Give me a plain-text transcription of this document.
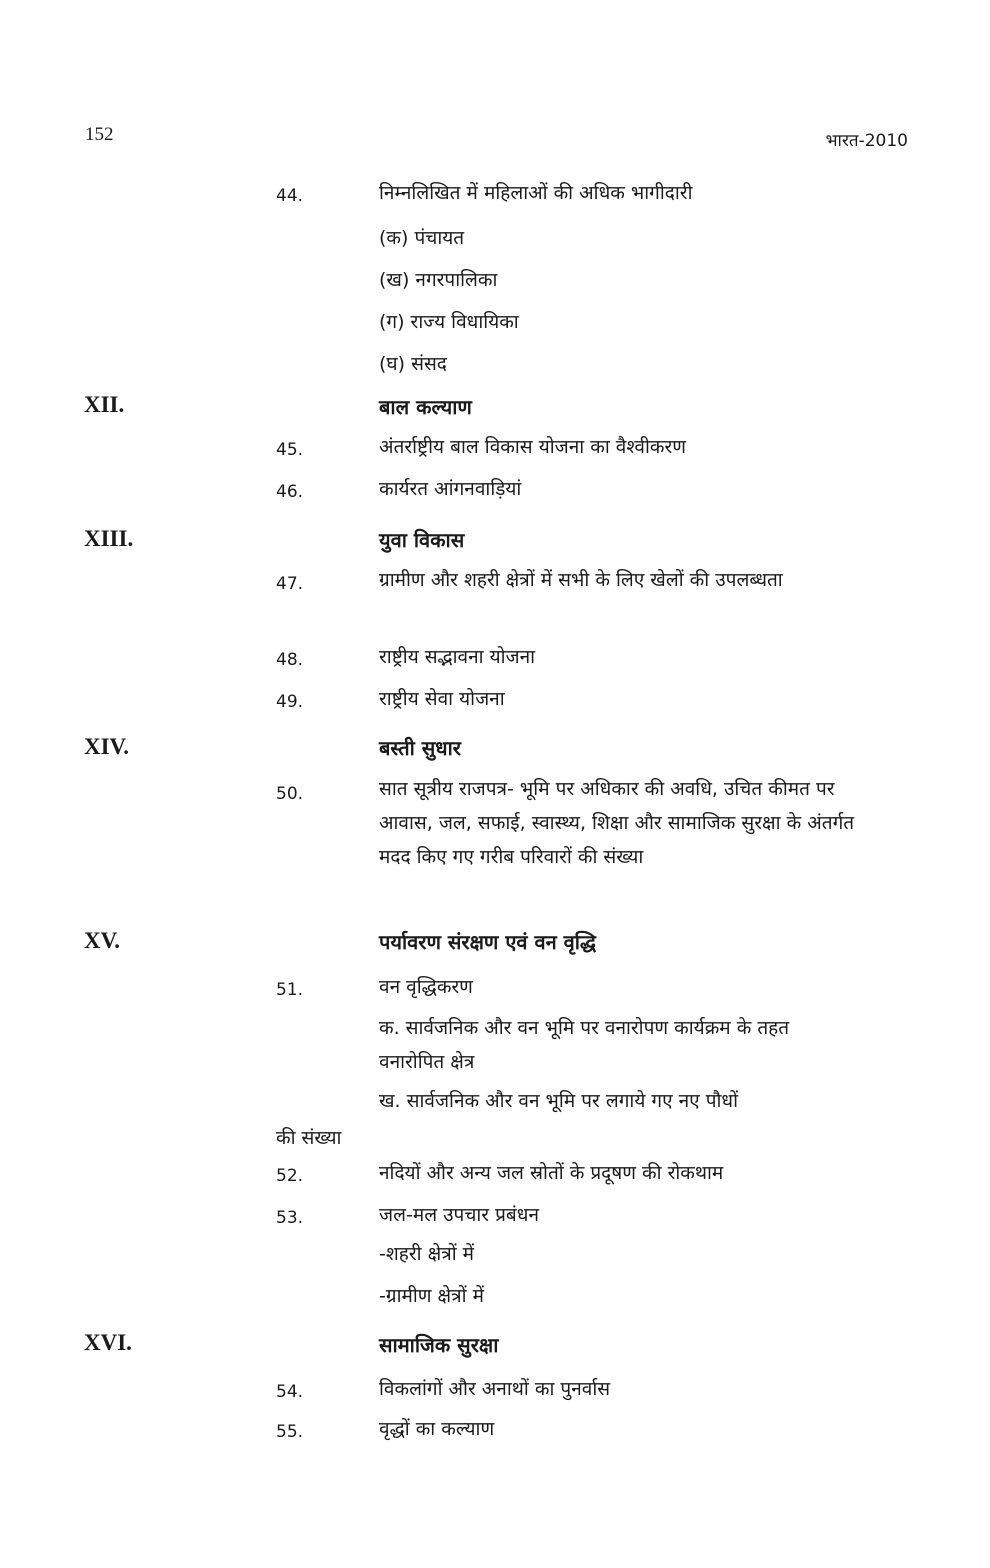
152	भारत-2010
44.	निम्नलिखित में महिलाओं की अधिक भागीदारी
(क) पंचायत
(ख) नगरपालिका
(ग) राज्य विधायिका
(घ) संसद
XII.	बाल कल्याण
45.	अंतर्राष्ट्रीय बाल विकास योजना का वैश्वीकरण
46.	कार्यरत आंगनवाड़ियां
XIII.	युवा विकास
47.	ग्रामीण और शहरी क्षेत्रों में सभी के लिए खेलों की उपलब्धता
48.	राष्ट्रीय सद्भावना योजना
49.	राष्ट्रीय सेवा योजना
XIV.	बस्ती सुधार
50.	सात सूत्रीय राजपत्र- भूमि पर अधिकार की अवधि, उचित कीमत पर आवास, जल, सफाई, स्वास्थ्य, शिक्षा और सामाजिक सुरक्षा के अंतर्गत मदद किए गए गरीब परिवारों की संख्या
XV.	पर्यावरण संरक्षण एवं वन वृद्धि
51.	वन वृद्धिकरण
क. सार्वजनिक और वन भूमि पर वनारोपण कार्यक्रम के तहत वनारोपित क्षेत्र
ख. सार्वजनिक और वन भूमि पर लगाये गए नए पौधों
की संख्या
52.	नदियों और अन्य जल स्रोतों के प्रदूषण की रोकथाम
53.	जल-मल उपचार प्रबंधन
-शहरी क्षेत्रों में
-ग्रामीण क्षेत्रों में
XVI.	सामाजिक सुरक्षा
54.	विकलांगों और अनाथों का पुनर्वास
55.	वृद्धों का कल्याण
